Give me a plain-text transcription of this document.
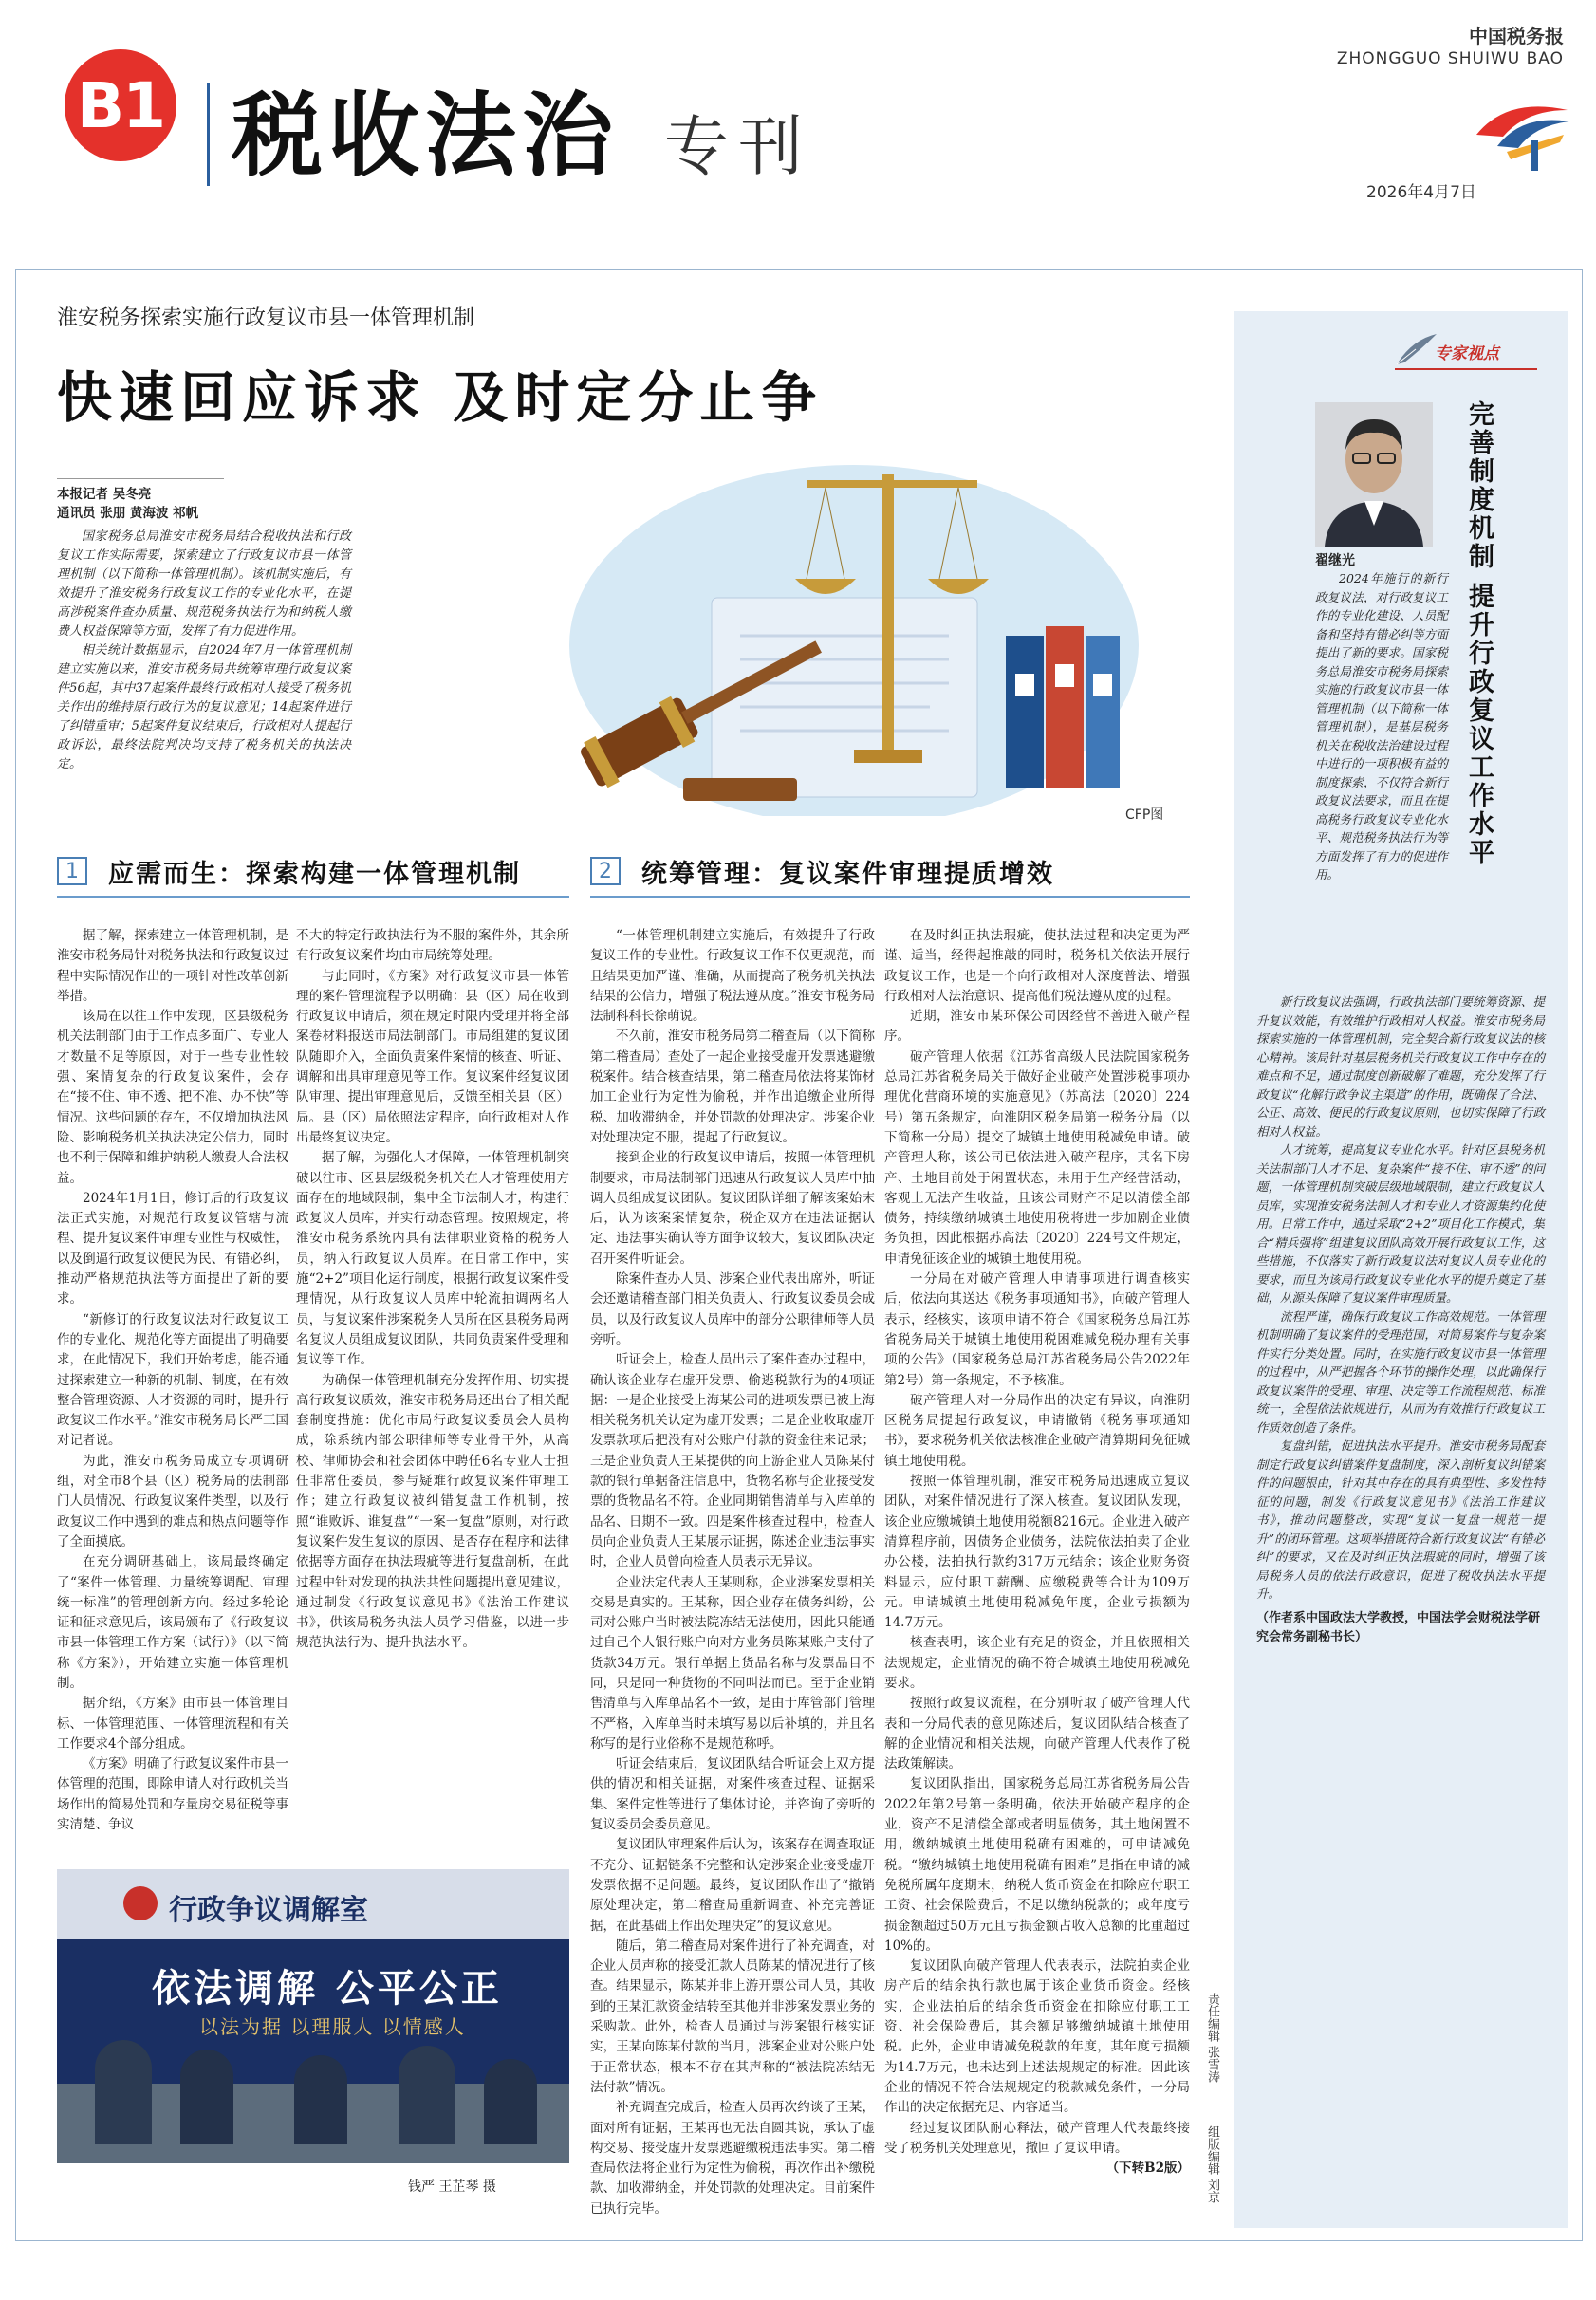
B1 税收法治 专刊
中国税务报
ZHONGGUO SHUIWU BAO
2026年4月7日
淮安税务探索实施行政复议市县一体管理机制
快速回应诉求 及时定分止争
本报记者 吴冬亮
通讯员 张朋 黄海波 祁帆

国家税务总局淮安市税务局结合税收执法和行政复议工作实际需要，探索建立了行政复议市县一体管理机制（以下简称一体管理机制）。该机制实施后，有效提升了淮安税务行政复议工作的专业化水平，在提高涉税案件查办质量、规范税务执法行为和纳税人缴费人权益保障等方面，发挥了有力促进作用。

相关统计数据显示，自2024年7月一体管理机制建立实施以来，淮安市税务局共统筹审理行政复议案件56起，其中37起案件最终行政相对人接受了税务机关作出的维持原行政行为的复议意见；14起案件进行了纠错重审；5起案件复议结束后，行政相对人提起行政诉讼，最终法院判决均支持了税务机关的执法决定。

CFP图
1	应需而生：探索构建一体管理机制

据了解，探索建立一体管理机制，是淮安市税务局针对税务执法和行政复议过程中实际情况作出的一项针对性改革创新举措。

该局在以往工作中发现，区县级税务机关法制部门由于工作点多面广、专业人才数量不足等原因，对于一些专业性较强、案情复杂的行政复议案件，会存在“接不住、审不透、把不准、办不快”等情况。这些问题的存在，不仅增加执法风险、影响税务机关执法决定公信力，同时也不利于保障和维护纳税人缴费人合法权益。

2024年1月1日，修订后的行政复议法正式实施，对规范行政复议管辖与流程、提升复议案件审理专业性与权威性，以及倒逼行政复议便民为民、有错必纠，推动严格规范执法等方面提出了新的要求。

“新修订的行政复议法对行政复议工作的专业化、规范化等方面提出了明确要求，在此情况下，我们开始考虑，能否通过探索建立一种新的机制、制度，在有效整合管理资源、人才资源的同时，提升行政复议工作水平。”淮安市税务局长严三国对记者说。

为此，淮安市税务局成立专项调研组，对全市8个县（区）税务局的法制部门人员情况、行政复议案件类型，以及行政复议工作中遇到的难点和热点问题等作了全面摸底。

在充分调研基础上，该局最终确定了“案件一体管理、力量统筹调配、审理统一标准”的管理创新方向。经过多轮论证和征求意见后，该局颁布了《行政复议市县一体管理工作方案（试行）》（以下简称《方案》），开始建立实施一体管理机制。

据介绍，《方案》由市县一体管理目标、一体管理范围、一体管理流程和有关工作要求4个部分组成。

《方案》明确了行政复议案件市县一体管理的范围，即除申请人对行政机关当场作出的简易处罚和存量房交易征税等事实清楚、争议

不大的特定行政执法行为不服的案件外，其余所有行政复议案件均由市局统筹处理。

与此同时，《方案》对行政复议市县一体管理的案件管理流程予以明确：县（区）局在收到行政复议申请后，须在规定时限内受理并将全部案卷材料报送市局法制部门。市局组建的复议团队随即介入，全面负责案件案情的核查、听证、调解和出具审理意见等工作。复议案件经复议团队审理、提出审理意见后，反馈至相关县（区）局。县（区）局依照法定程序，向行政相对人作出最终复议决定。

据了解，为强化人才保障，一体管理机制突破以往市、区县层级税务机关在人才管理使用方面存在的地域限制，集中全市法制人才，构建行政复议人员库，并实行动态管理。按照规定，将淮安市税务系统内具有法律职业资格的税务人员，纳入行政复议人员库。在日常工作中，实施“2+2”项目化运行制度，根据行政复议案件受理情况，从行政复议人员库中轮流抽调两名人员，与复议案件涉案税务人员所在区县税务局两名复议人员组成复议团队，共同负责案件受理和复议等工作。

为确保一体管理机制充分发挥作用、切实提高行政复议质效，淮安市税务局还出台了相关配套制度措施：优化市局行政复议委员会人员构成，除系统内部公职律师等专业骨干外，从高校、律师协会和社会团体中聘任6名专业人士担任非常任委员，参与疑难行政复议案件审理工作；建立行政复议被纠错复盘工作机制，按照“谁败诉、谁复盘”“一案一复盘”原则，对行政复议案件发生复议的原因、是否存在程序和法律依据等方面存在执法瑕疵等进行复盘剖析，在此过程中针对发现的执法共性问题提出意见建议，通过制发《行政复议意见书》《法治工作建议书》，供该局税务执法人员学习借鉴，以进一步规范执法行为、提升执法水平。

行政争议调解室
依法调解 公平公正
以法为据 以理服人 以情感人
钱严 王芷琴 摄
2	统筹管理：复议案件审理提质增效

“一体管理机制建立实施后，有效提升了行政复议工作的专业性。行政复议工作不仅更规范，而且结果更加严谨、准确，从而提高了税务机关执法结果的公信力，增强了税法遵从度。”淮安市税务局法制科科长徐萌说。

不久前，淮安市税务局第二稽查局（以下简称第二稽查局）查处了一起企业接受虚开发票逃避缴税案件。结合核查结果，第二稽查局依法将某饰材加工企业行为定性为偷税，并作出追缴企业所得税、加收滞纳金，并处罚款的处理决定。涉案企业对处理决定不服，提起了行政复议。

接到企业的行政复议申请后，按照一体管理机制要求，市局法制部门迅速从行政复议人员库中抽调人员组成复议团队。复议团队详细了解该案始末后，认为该案案情复杂，税企双方在违法证据认定、违法事实确认等方面争议较大，复议团队决定召开案件听证会。

除案件查办人员、涉案企业代表出席外，听证会还邀请稽查部门相关负责人、行政复议委员会成员，以及行政复议人员库中的部分公职律师等人员旁听。

听证会上，检查人员出示了案件查办过程中，确认该企业存在虚开发票、偷逃税款行为的4项证据：一是企业接受上海某公司的进项发票已被上海相关税务机关认定为虚开发票；二是企业收取虚开发票款项后把没有对公账户付款的资金往来记录；三是企业负责人王某提供的向上游企业人员陈某付款的银行单据备注信息中，货物名称与企业接受发票的货物品名不符。企业同期销售清单与入库单的品名、日期不一致。四是案件核查过程中，检查人员向企业负责人王某展示证据，陈述企业违法事实时，企业人员曾向检查人员表示无异议。

企业法定代表人王某则称，企业涉案发票相关交易是真实的。王某称，因企业存在债务纠纷，公司对公账户当时被法院冻结无法使用，因此只能通过自己个人银行账户向对方业务员陈某账户支付了货款34万元。银行单据上货品名称与发票品目不同，只是同一种货物的不同叫法而已。至于企业销售清单与入库单品名不一致，是由于库管部门管理不严格，入库单当时未填写易以后补填的，并且名称写的是行业俗称不是规范称呼。

听证会结束后，复议团队结合听证会上双方提供的情况和相关证据，对案件核查过程、证据采集、案件定性等进行了集体讨论，并咨询了旁听的复议委员会委员意见。

复议团队审理案件后认为，该案存在调查取证不充分、证据链条不完整和认定涉案企业接受虚开发票依据不足问题。最终，复议团队作出了“撤销原处理决定，第二稽查局重新调查、补充完善证据，在此基础上作出处理决定”的复议意见。

随后，第二稽查局对案件进行了补充调查，对企业人员声称的接受汇款人员陈某的情况进行了核查。结果显示，陈某并非上游开票公司人员，其收到的王某汇款资金结转至其他并非涉案发票业务的采购款。此外，检查人员通过与涉案银行核实证实，王某向陈某付款的当月，涉案企业对公账户处于正常状态，根本不存在其声称的“被法院冻结无法付款”情况。

补充调查完成后，检查人员再次约谈了王某，面对所有证据，王某再也无法自圆其说，承认了虚构交易、接受虚开发票逃避缴税违法事实。第二稽查局依法将企业行为定性为偷税，再次作出补缴税款、加收滞纳金，并处罚款的处理决定。目前案件已执行完毕。

在及时纠正执法瑕疵，使执法过程和决定更为严谨、适当，经得起推敲的同时，税务机关依法开展行政复议工作，也是一个向行政相对人深度普法、增强行政相对人法治意识、提高他们税法遵从度的过程。

近期，淮安市某环保公司因经营不善进入破产程序。

破产管理人依据《江苏省高级人民法院国家税务总局江苏省税务局关于做好企业破产处置涉税事项办理优化营商环境的实施意见》（苏高法〔2020〕224号）第五条规定，向淮阴区税务局第一税务分局（以下简称一分局）提交了城镇土地使用税减免申请。破产管理人称，该公司已依法进入破产程序，其名下房产、土地目前处于闲置状态，未用于生产经营活动，客观上无法产生收益，且该公司财产不足以清偿全部债务，持续缴纳城镇土地使用税将进一步加剧企业债务负担，因此根据苏高法〔2020〕224号文件规定，申请免征该企业的城镇土地使用税。

一分局在对破产管理人申请事项进行调查核实后，依法向其送达《税务事项通知书》，向破产管理人表示，经核实，该项申请不符合《国家税务总局江苏省税务局关于城镇土地使用税困难减免税办理有关事项的公告》（国家税务总局江苏省税务局公告2022年第2号）第一条规定，不予核准。

破产管理人对一分局作出的决定有异议，向淮阴区税务局提起行政复议，申请撤销《税务事项通知书》，要求税务机关依法核准企业破产清算期间免征城镇土地使用税。

按照一体管理机制，淮安市税务局迅速成立复议团队，对案件情况进行了深入核查。复议团队发现，该企业应缴城镇土地使用税额8216元。企业进入破产清算程序前，因债务企业债务，法院依法拍卖了企业办公楼，法拍执行款约317万元结余；该企业财务资料显示，应付职工薪酬、应缴税费等合计为109万元。申请城镇土地使用税减免年度，企业亏损额为14.7万元。

核查表明，该企业有充足的资金，并且依照相关法规规定，企业情况的确不符合城镇土地使用税减免要求。

按照行政复议流程，在分别听取了破产管理人代表和一分局代表的意见陈述后，复议团队结合核查了解的企业情况和相关法规，向破产管理人代表作了税法政策解读。

复议团队指出，国家税务总局江苏省税务局公告2022年第2号第一条明确，依法开始破产程序的企业，资产不足清偿全部或者明显债务，其土地闲置不用，缴纳城镇土地使用税确有困难的，可申请减免税。“缴纳城镇土地使用税确有困难”是指在申请的减免税所属年度期末，纳税人货币资金在扣除应付职工工资、社会保险费后，不足以缴纳税款的；或年度亏损金额超过50万元且亏损金额占收入总额的比重超过10%的。

复议团队向破产管理人代表表示，法院拍卖企业房产后的结余执行款也属于该企业货币资金。经核实，企业法拍后的结余货币资金在扣除应付职工工资、社会保险费后，其余额足够缴纳城镇土地使用税。此外，企业申请减免税款的年度，其年度亏损额为14.7万元，也未达到上述法规规定的标准。因此该企业的情况不符合法规规定的税款减免条件，一分局作出的决定依据充足、内容适当。

经过复议团队耐心释法，破产管理人代表最终接受了税务机关处理意见，撤回了复议申请。

（下转B2版）
责任编辑 张雪涛
组版编辑 刘京
专家视点
翟继光	完善制度机制 提升行政复议工作水平

2024年施行的新行政复议法，对行政复议工作的专业化建设、人员配备和坚持有错必纠等方面提出了新的要求。国家税务总局淮安市税务局探索实施的行政复议市县一体管理机制（以下简称一体管理机制），是基层税务机关在税收法治建设过程中进行的一项积极有益的制度探索，不仅符合新行政复议法要求，而且在提高税务行政复议专业化水平、规范税务执法行为等方面发挥了有力的促进作用。

新行政复议法强调，行政执法部门要统筹资源、提升复议效能，有效维护行政相对人权益。淮安市税务局探索实施的一体管理机制，完全契合新行政复议法的核心精神。该局针对基层税务机关行政复议工作中存在的难点和不足，通过制度创新破解了难题，充分发挥了行政复议“化解行政争议主渠道”的作用，既确保了合法、公正、高效、便民的行政复议原则，也切实保障了行政相对人权益。

人才统筹，提高复议专业化水平。针对区县税务机关法制部门人才不足、复杂案件“接不住、审不透”的问题，一体管理机制突破层级地域限制，建立行政复议人员库，实现淮安税务法制人才和专业人才资源集约化使用。日常工作中，通过采取“2+2”项目化工作模式，集合“精兵强将”组建复议团队高效开展行政复议工作，这些措施，不仅落实了新行政复议法对复议人员专业化的要求，而且为该局行政复议专业化水平的提升奠定了基础，从源头保障了复议案件审理质量。

流程严谨，确保行政复议工作高效规范。一体管理机制明确了复议案件的受理范围，对简易案件与复杂案件实行分类处置。同时，在实施行政复议市县一体管理的过程中，从严把握各个环节的操作处理，以此确保行政复议案件的受理、审理、决定等工作流程规范、标准统一，全程依法依规进行，从而为有效推行行政复议工作质效创造了条件。

复盘纠错，促进执法水平提升。淮安市税务局配套制定行政复议纠错案件复盘制度，深入剖析复议纠错案件的问题根由，针对其中存在的具有典型性、多发性特征的问题，制发《行政复议意见书》《法治工作建议书》，推动问题整改，实现“复议一复盘一规范一提升”的闭环管理。这项举措既符合新行政复议法“有错必纠”的要求，又在及时纠正执法瑕疵的同时，增强了该局税务人员的依法行政意识，促进了税收执法水平提升。

（作者系中国政法大学教授，中国法学会财税法学研究会常务副秘书长）
